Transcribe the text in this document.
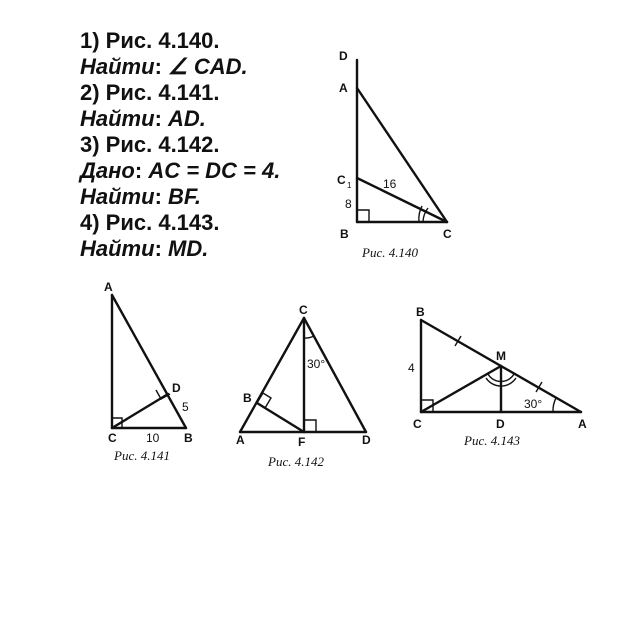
1) Рис. 4.140.
Найти: ∠ CAD.
2) Рис. 4.141.
Найти: AD.
3) Рис. 4.142.
Дано: AC = DC = 4.
Найти: BF.
4) Рис. 4.143.
Найти: MD.
D
A
C 1
8
16
B	C
Рис. 4.140
A
D
5
C 10 B
Рис. 4.141
C
30°
B
A	F	D
Рис. 4.142
B
M
4
30°
C	D	A
Рис. 4.143
